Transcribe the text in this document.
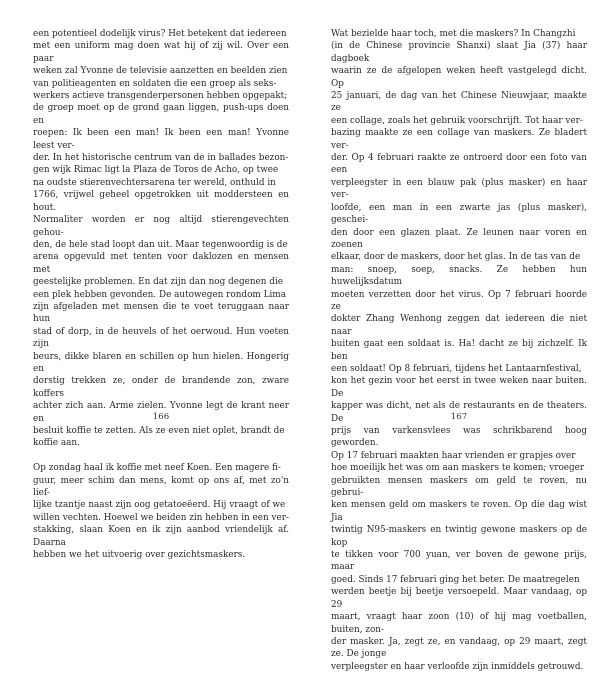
een potentieel dodelijk virus? Het betekent dat iedereen
met een uniform mag doen wat hij of zij wil. Over een paar
weken zal Yvonne de televisie aanzetten en beelden zien
van politieagenten en soldaten die een groep als seks-
werkers actieve transgenderpersonen hebben opgepakt;
de groep moet op de grond gaan liggen, push-ups doen en
roepen: Ik been een man! Ik been een man! Yvonne leest ver-
der. In het historische centrum van de in ballades bezon-
gen wijk Rimac ligt la Plaza de Toros de Acho, op twee
na oudste stierenvechtersarena ter wereld, onthuld in
1766, vrijwel geheel opgetrokken uit moddersteen en hout.
Normaliter worden er nog altijd stierengevechten gehou-
den, de hele stad loopt dan uit. Maar tegenwoordig is de
arena opgevuld met tenten voor daklozen en mensen met
geestelijke problemen. En dat zijn dan nog degenen die
een plek hebben gevonden. De autowegen rondom Lima
zijn afgeladen met mensen die te voet teruggaan naar hun
stad of dorp, in de heuvels of het oerwoud. Hun voeten zijn
beurs, dikke blaren en schillen op hun hielen. Hongerig en
dorstig trekken ze, onder de brandende zon, zware koffers
achter zich aan. Arme zielen. Yvonne legt de krant neer en
besluit koffie te zetten. Als ze even niet oplet, brandt de
koffie aan.

Op zondag haal ik koffie met neef Koen. Een magere fi-
guur, meer schim dan mens, komt op ons af, met zo'n lief-
lijke tzantje naast zijn oog getatoeëerd. Hij vraagt of we
willen vechten. Hoewel we beiden zin hebben in een ver-
stakking, slaan Koen en ik zijn aanbod vriendelijk af. Daarna
hebben we het uitvoerig over gezichtsmaskers.

166

Wat bezielde haar toch, met die maskers? In Changzhi
(in de Chinese provincie Shanxi) slaat Jia (37) haar dagboek
waarin ze de afgelopen weken heeft vastgelegd dicht. Op
25 januari, de dag van het Chinese Nieuwjaar, maakte ze
een collage, zoals het gebruik voorschrijft. Tot haar ver-
bazing maakte ze een collage van maskers. Ze bladert ver-
der. Op 4 februari raakte ze ontroerd door een foto van een
verpleegster in een blauw pak (plus masker) en haar ver-
loofde, een man in een zwarte jas (plus masker), geschei-
den door een glazen plaat. Ze leunen naar voren en zoenen
elkaar, door de maskers, door het glas. In de tas van de
man: snoep, soep, snacks. Ze hebben hun huwelijksdatum
moeten verzetten door het virus. Op 7 februari hoorde ze
dokter Zhang Wenhong zeggen dat iedereen die niet naar
buiten gaat een soldaat is. Ha! dacht ze bij zichzelf. Ik ben
een soldaat! Op 8 februari, tijdens het Lantaarnfestival,
kon het gezin voor het eerst in twee weken naar buiten. De
kapper was dicht, net als de restaurants en de theaters. De
prijs van varkensvlees was schrikbarend hoog geworden.
Op 17 februari maakten haar vrienden er grapjes over
hoe moeilijk het was om aan maskers te komen; vroeger
gebruikten mensen maskers om geld te roven, nu gebrui-
ken mensen geld om maskers te roven. Op die dag wist Jia
twintig N95-maskers en twintig gewone maskers op de kop
te tikken voor 700 yuan, ver boven de gewone prijs, maar
goed. Sinds 17 februari ging het beter. De maatregelen
werden beetje bij beetje versoepeld. Maar vandaag, op 29
maart, vraagt haar zoon (10) of hij mag voetballen, buiten, zon-
der masker. Ja, zegt ze, en vandaag, op 29 maart, zegt ze. De jonge
verpleegster en haar verloofde zijn inmiddels getrouwd.

167
